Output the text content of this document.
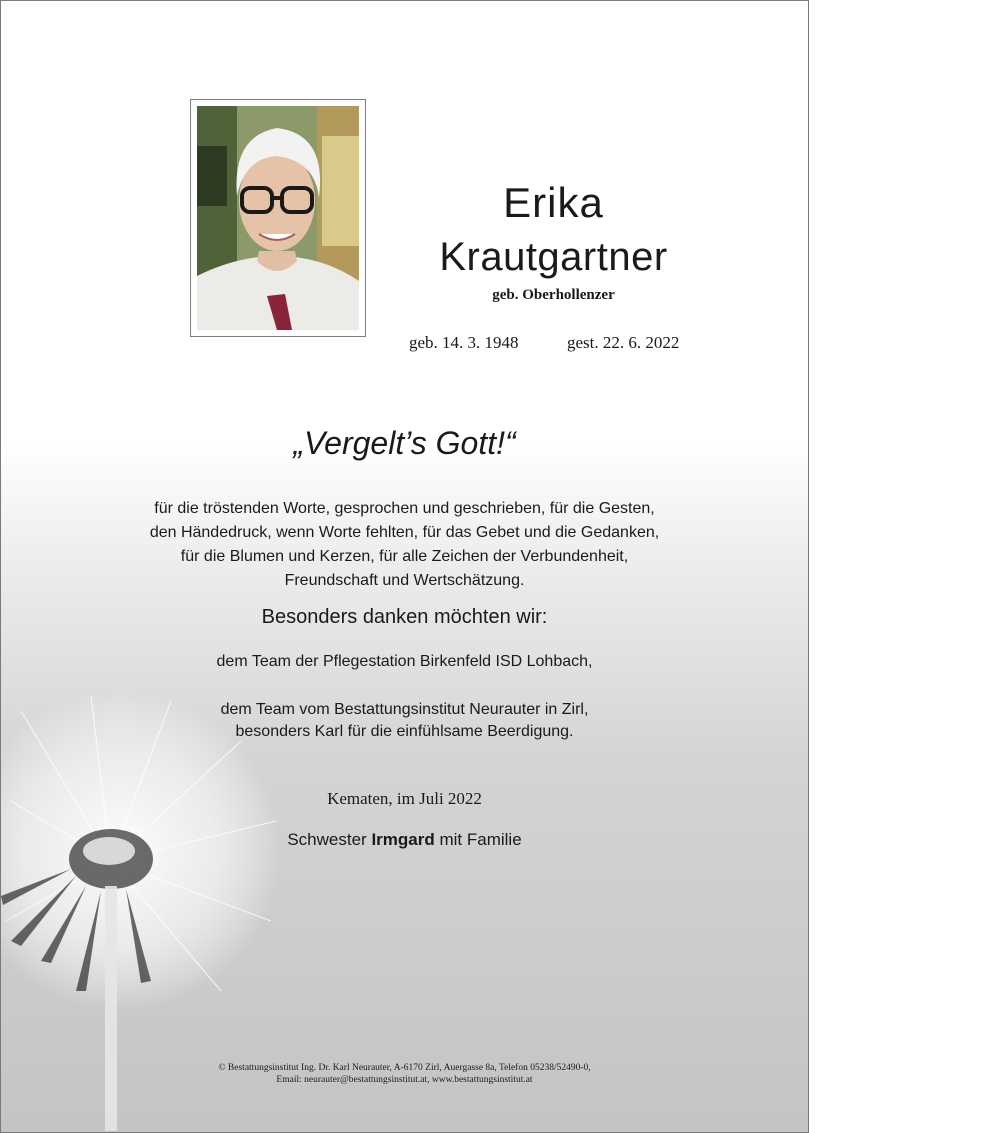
Erika
Krautgartner
geb. Oberhollenzer
geb. 14. 3. 1948	gest. 22. 6. 2022
„Vergelt’s Gott!“
für die tröstenden Worte, gesprochen und geschrieben, für die Gesten,
den Händedruck, wenn Worte fehlten, für das Gebet und die Gedanken,
für die Blumen und Kerzen, für alle Zeichen der Verbundenheit,
Freundschaft und Wertschätzung.
Besonders danken möchten wir:
dem Team der Pflegestation Birkenfeld ISD Lohbach,
dem Team vom Bestattungsinstitut Neurauter in Zirl,
besonders Karl für die einfühlsame Beerdigung.
Kematen, im Juli 2022
Schwester Irmgard mit Familie
© Bestattungsinstitut Ing. Dr. Karl Neurauter, A-6170 Zirl, Auergasse 8a, Telefon 05238/52490-0,
Email: neurauter@bestattungsinstitut.at, www.bestattungsinstitut.at
